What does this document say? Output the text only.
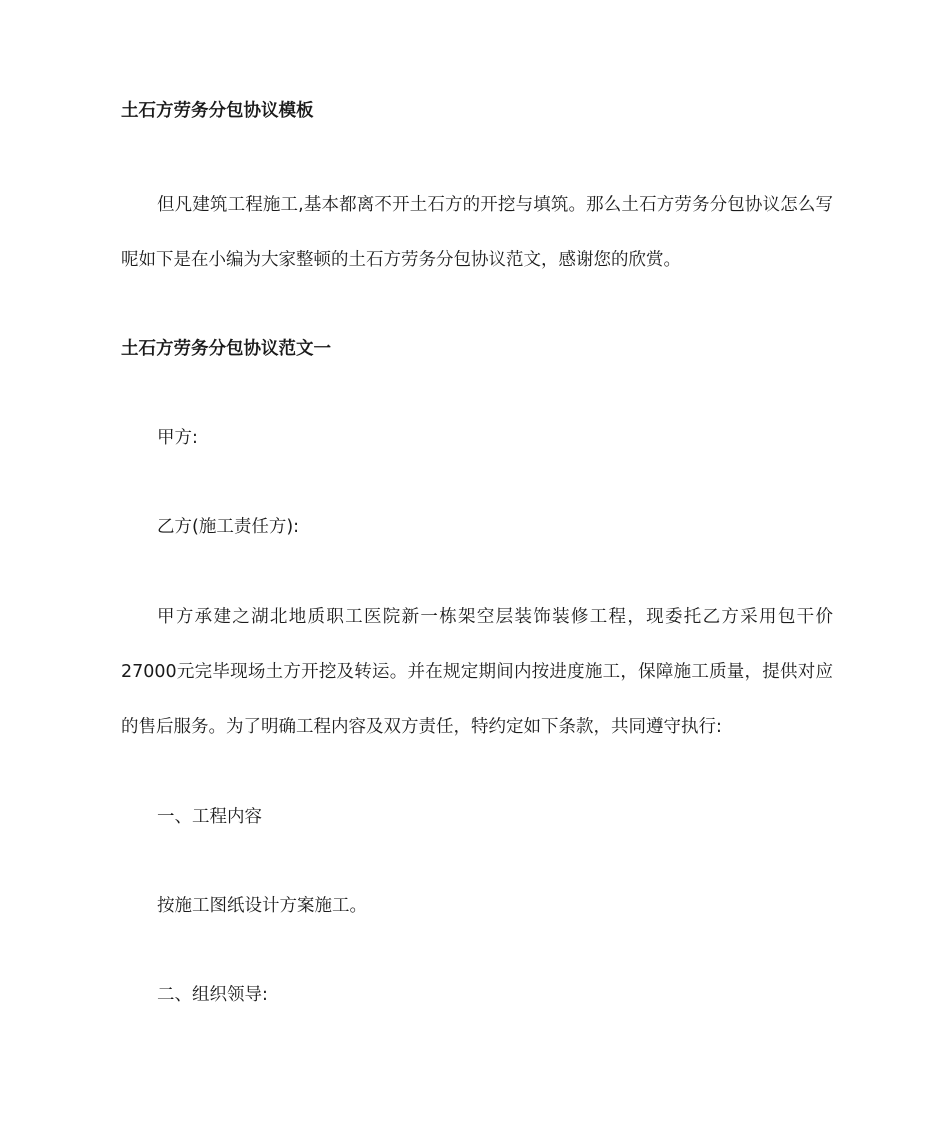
土石方劳务分包协议模板

但凡建筑工程施工,基本都离不开土石方的开挖与填筑。那么土石方劳务分包协议怎么写呢如下是在小编为大家整顿的土石方劳务分包协议范文，感谢您的欣赏。

土石方劳务分包协议范文一
甲方:
乙方(施工责任方):

甲方承建之湖北地质职工医院新一栋架空层装饰装修工程，现委托乙方采用包干价27000元完毕现场土方开挖及转运。并在规定期间内按进度施工，保障施工质量，提供对应的售后服务。为了明确工程内容及双方责任，特约定如下条款，共同遵守执行:

一、工程内容
按施工图纸设计方案施工。
二、组织领导:
